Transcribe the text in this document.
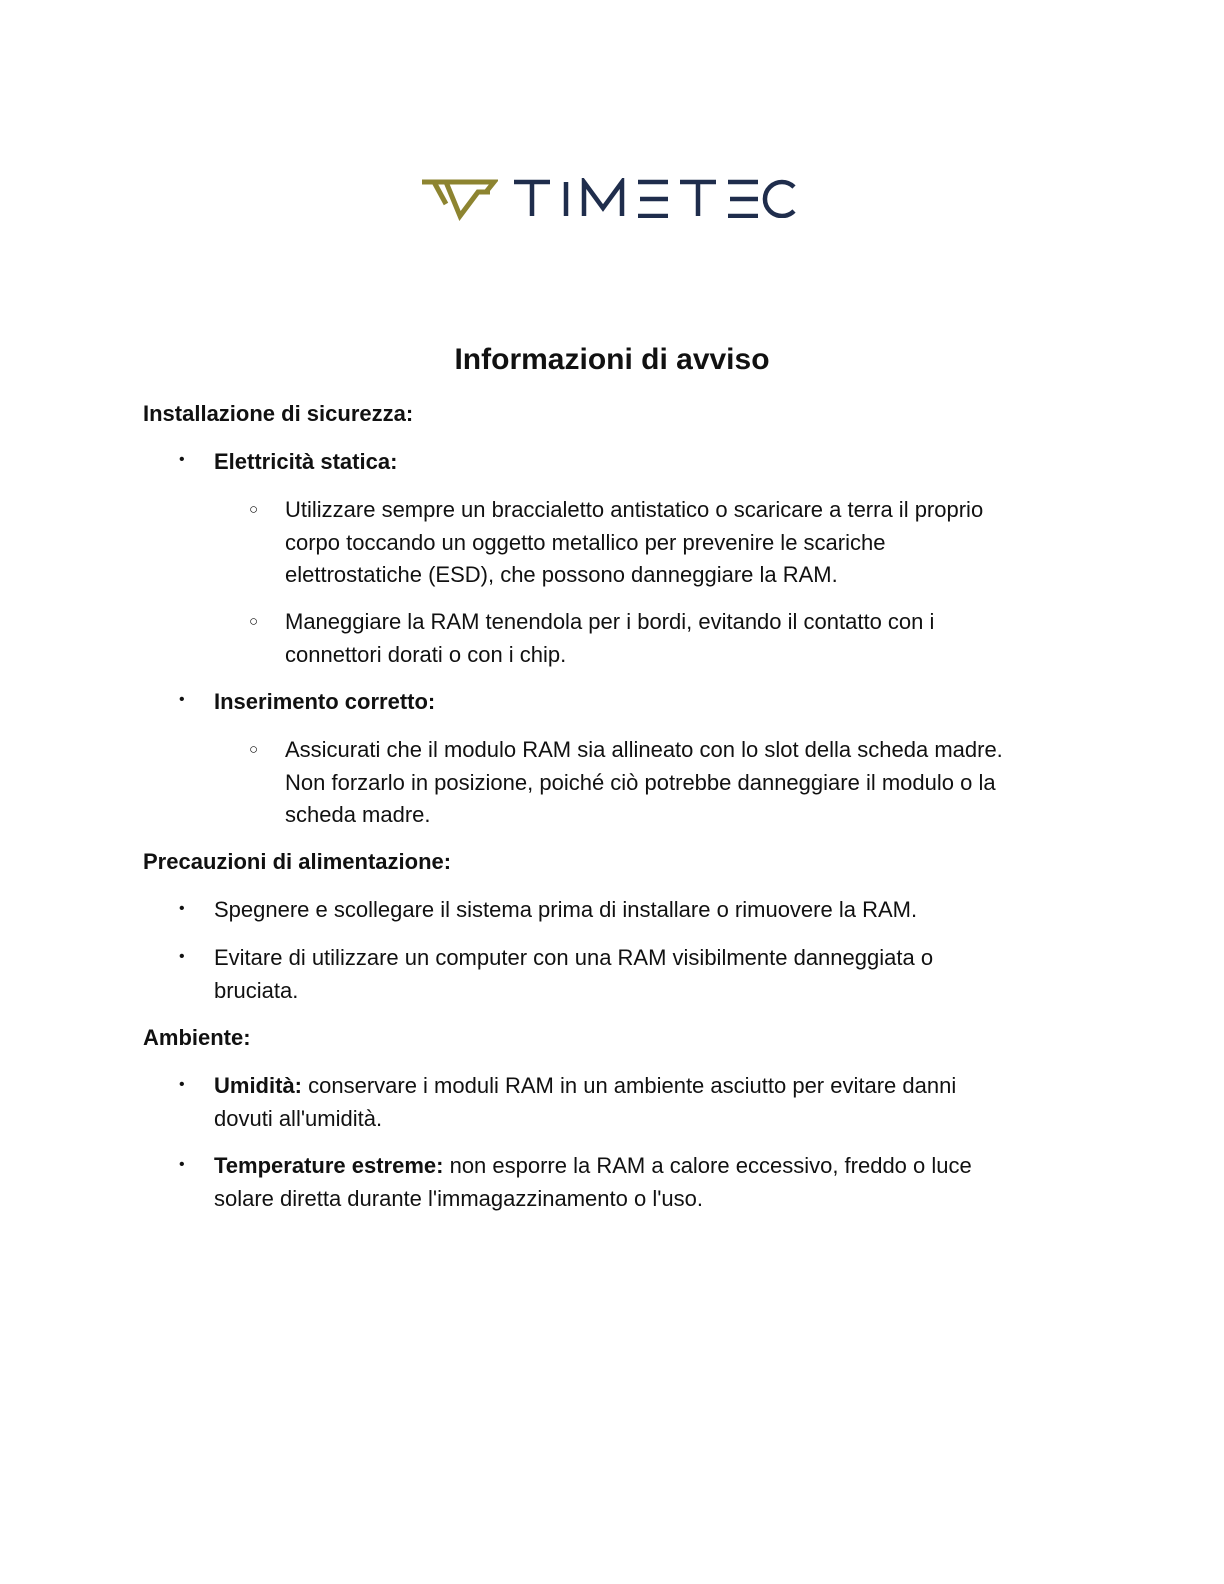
Informazioni di avviso

Installazione di sicurezza:

• Elettricità statica:

○ Utilizzare sempre un braccialetto antistatico o scaricare a terra il proprio
corpo toccando un oggetto metallico per prevenire le scariche
elettrostatiche (ESD), che possono danneggiare la RAM.
○ Maneggiare la RAM tenendola per i bordi, evitando il contatto con i
connettori dorati o con i chip.
• Inserimento corretto:

○ Assicurati che il modulo RAM sia allineato con lo slot della scheda madre.
Non forzarlo in posizione, poiché ciò potrebbe danneggiare il modulo o la
scheda madre.

Precauzioni di alimentazione:

• Spegnere e scollegare il sistema prima di installare o rimuovere la RAM.
• Evitare di utilizzare un computer con una RAM visibilmente danneggiata o
bruciata.

Ambiente:

• Umidità: conservare i moduli RAM in un ambiente asciutto per evitare danni
dovuti all'umidità.
• Temperature estreme: non esporre la RAM a calore eccessivo, freddo o luce
solare diretta durante l'immagazzinamento o l'uso.
